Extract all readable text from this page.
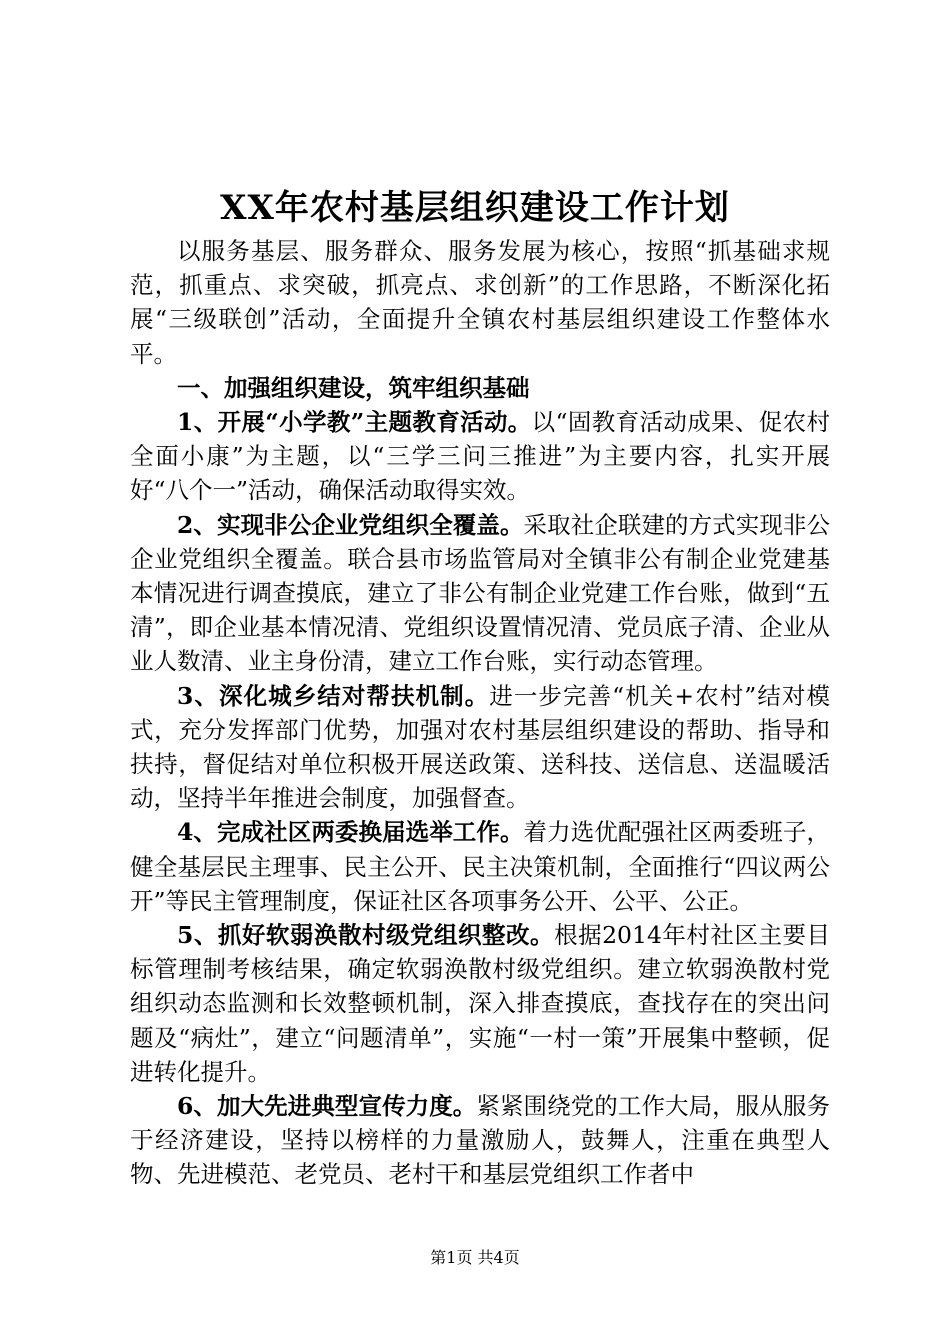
XX年农村基层组织建设工作计划

以服务基层、服务群众、服务发展为核心，按照“抓基础求规范，抓重点、求突破，抓亮点、求创新”的工作思路，不断深化拓展“三级联创”活动，全面提升全镇农村基层组织建设工作整体水平。

一、加强组织建设，筑牢组织基础

1、开展“小学教”主题教育活动。以“固教育活动成果、促农村全面小康”为主题，以“三学三问三推进”为主要内容，扎实开展好“八个一”活动，确保活动取得实效。

2、实现非公企业党组织全覆盖。采取社企联建的方式实现非公企业党组织全覆盖。联合县市场监管局对全镇非公有制企业党建基本情况进行调查摸底，建立了非公有制企业党建工作台账，做到“五清”，即企业基本情况清、党组织设置情况清、党员底子清、企业从业人数清、业主身份清，建立工作台账，实行动态管理。

3、深化城乡结对帮扶机制。进一步完善“机关+农村”结对模式，充分发挥部门优势，加强对农村基层组织建设的帮助、指导和扶持，督促结对单位积极开展送政策、送科技、送信息、送温暖活动，坚持半年推进会制度，加强督查。

4、完成社区两委换届选举工作。着力选优配强社区两委班子，健全基层民主理事、民主公开、民主决策机制，全面推行“四议两公开”等民主管理制度，保证社区各项事务公开、公平、公正。

5、抓好软弱涣散村级党组织整改。根据2014年村社区主要目标管理制考核结果，确定软弱涣散村级党组织。建立软弱涣散村党组织动态监测和长效整顿机制，深入排查摸底，查找存在的突出问题及“病灶”，建立“问题清单”，实施“一村一策”开展集中整顿，促进转化提升。

6、加大先进典型宣传力度。紧紧围绕党的工作大局，服从服务于经济建设，坚持以榜样的力量激励人，鼓舞人，注重在典型人物、先进模范、老党员、老村干和基层党组织工作者中

第1页 共4页
